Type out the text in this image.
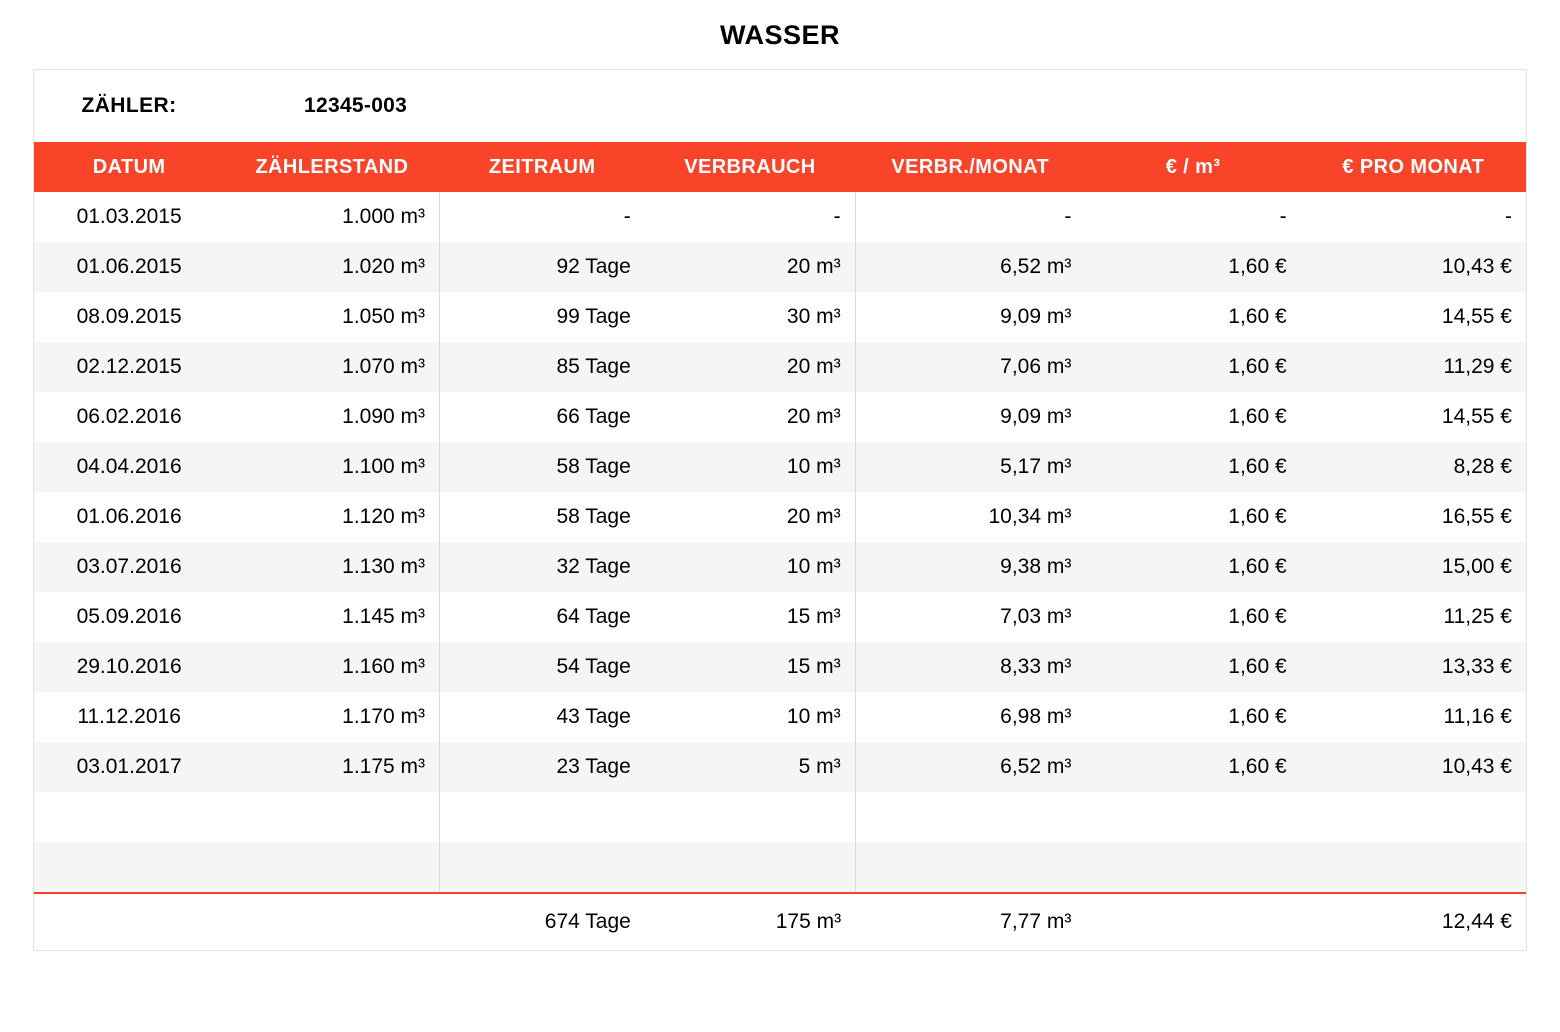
WASSER
ZÄHLER:	12345-003
DATUM	ZÄHLERSTAND	ZEITRAUM	VERBRAUCH	VERBR./MONAT	€ / m³	€ PRO MONAT
01.03.2015	1.000 m³	-	-	-	-	-
01.06.2015	1.020 m³	92 Tage	20 m³	6,52 m³	1,60 €	10,43 €
08.09.2015	1.050 m³	99 Tage	30 m³	9,09 m³	1,60 €	14,55 €
02.12.2015	1.070 m³	85 Tage	20 m³	7,06 m³	1,60 €	11,29 €
06.02.2016	1.090 m³	66 Tage	20 m³	9,09 m³	1,60 €	14,55 €
04.04.2016	1.100 m³	58 Tage	10 m³	5,17 m³	1,60 €	8,28 €
01.06.2016	1.120 m³	58 Tage	20 m³	10,34 m³	1,60 €	16,55 €
03.07.2016	1.130 m³	32 Tage	10 m³	9,38 m³	1,60 €	15,00 €
05.09.2016	1.145 m³	64 Tage	15 m³	7,03 m³	1,60 €	11,25 €
29.10.2016	1.160 m³	54 Tage	15 m³	8,33 m³	1,60 €	13,33 €
11.12.2016	1.170 m³	43 Tage	10 m³	6,98 m³	1,60 €	11,16 €
03.01.2017	1.175 m³	23 Tage	5 m³	6,52 m³	1,60 €	10,43 €

		674 Tage	175 m³	7,77 m³		12,44 €
